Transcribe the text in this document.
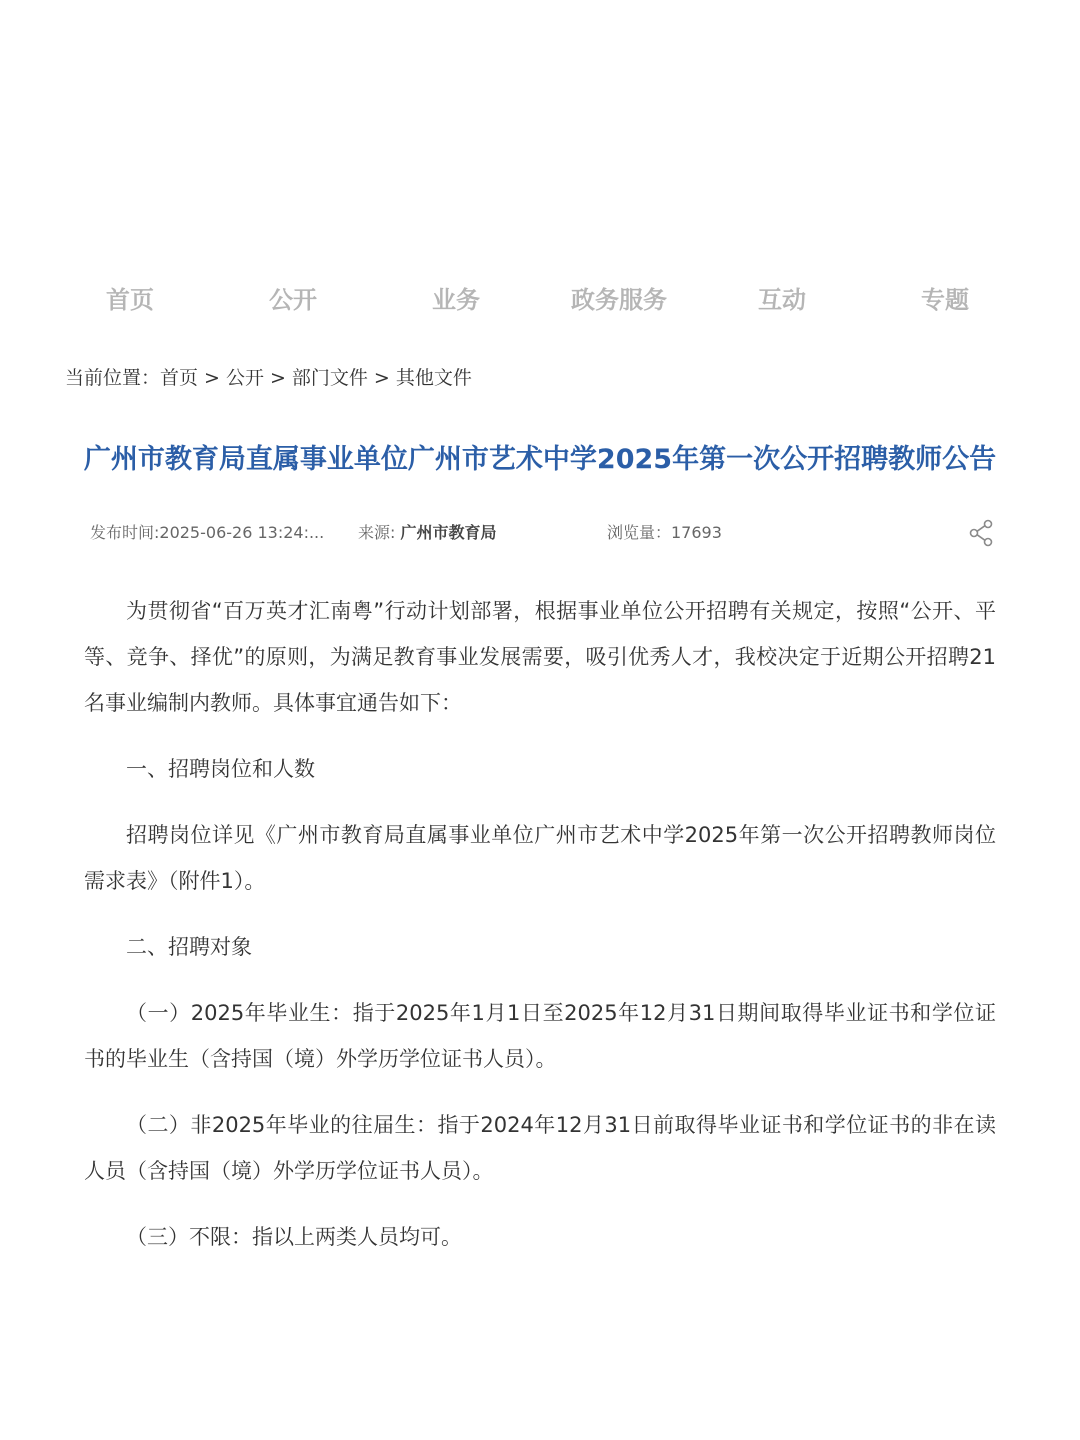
首页	公开	业务	政务服务	互动	专题
当前位置：首页 > 公开 > 部门文件 > 其他文件
广州市教育局直属事业单位广州市艺术中学2025年第一次公开招聘教师公告
发布时间:2025-06-26 13:24:... 来源: 广州市教育局	浏览量：17693

为贯彻省“百万英才汇南粤”行动计划部署，根据事业单位公开招聘有关规定，按照“公开、平等、竞争、择优”的原则，为满足教育事业发展需要，吸引优秀人才，我校决定于近期公开招聘21名事业编制内教师。具体事宜通告如下：

一、招聘岗位和人数

招聘岗位详见《广州市教育局直属事业单位广州市艺术中学2025年第一次公开招聘教师岗位需求表》（附件1）。

二、招聘对象

（一）2025年毕业生：指于2025年1月1日至2025年12月31日期间取得毕业证书和学位证书的毕业生（含持国（境）外学历学位证书人员）。

（二）非2025年毕业的往届生：指于2024年12月31日前取得毕业证书和学位证书的非在读人员（含持国（境）外学历学位证书人员）。

（三）不限：指以上两类人员均可。
